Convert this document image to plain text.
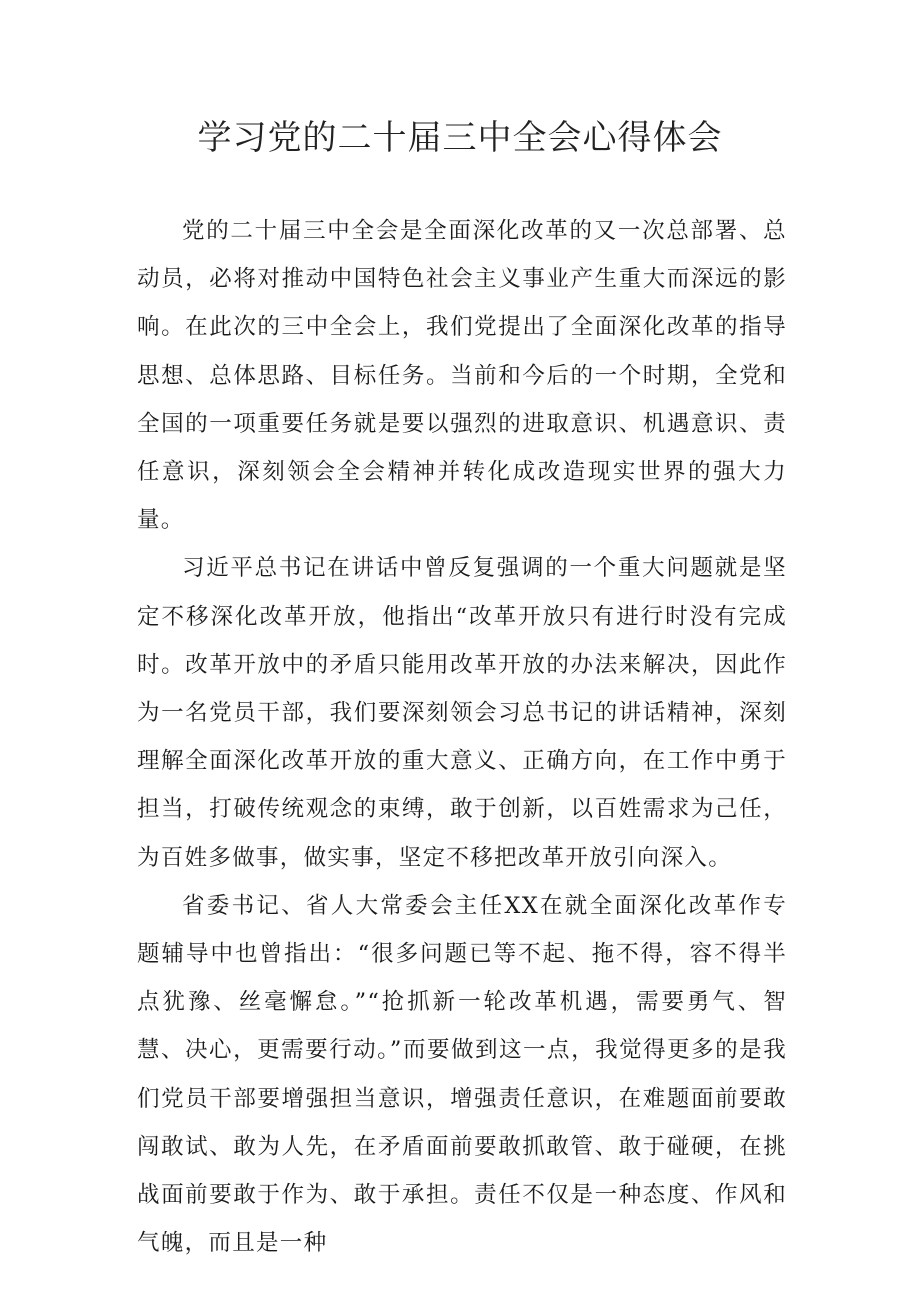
学习党的二十届三中全会心得体会

党的二十届三中全会是全面深化改革的又一次总部署、总动员，必将对推动中国特色社会主义事业产生重大而深远的影响。在此次的三中全会上，我们党提出了全面深化改革的指导思想、总体思路、目标任务。当前和今后的一个时期，全党和全国的一项重要任务就是要以强烈的进取意识、机遇意识、责任意识，深刻领会全会精神并转化成改造现实世界的强大力量。

习近平总书记在讲话中曾反复强调的一个重大问题就是坚定不移深化改革开放，他指出“改革开放只有进行时没有完成时。改革开放中的矛盾只能用改革开放的办法来解决，因此作为一名党员干部，我们要深刻领会习总书记的讲话精神，深刻理解全面深化改革开放的重大意义、正确方向，在工作中勇于担当，打破传统观念的束缚，敢于创新，以百姓需求为己任，为百姓多做事，做实事，坚定不移把改革开放引向深入。

省委书记、省人大常委会主任XX在就全面深化改革作专题辅导中也曾指出：“很多问题已等不起、拖不得，容不得半点犹豫、丝毫懈怠。”“抢抓新一轮改革机遇，需要勇气、智慧、决心，更需要行动。”而要做到这一点，我觉得更多的是我们党员干部要增强担当意识，增强责任意识，在难题面前要敢闯敢试、敢为人先，在矛盾面前要敢抓敢管、敢于碰硬，在挑战面前要敢于作为、敢于承担。责任不仅是一种态度、作风和气魄，而且是一种
